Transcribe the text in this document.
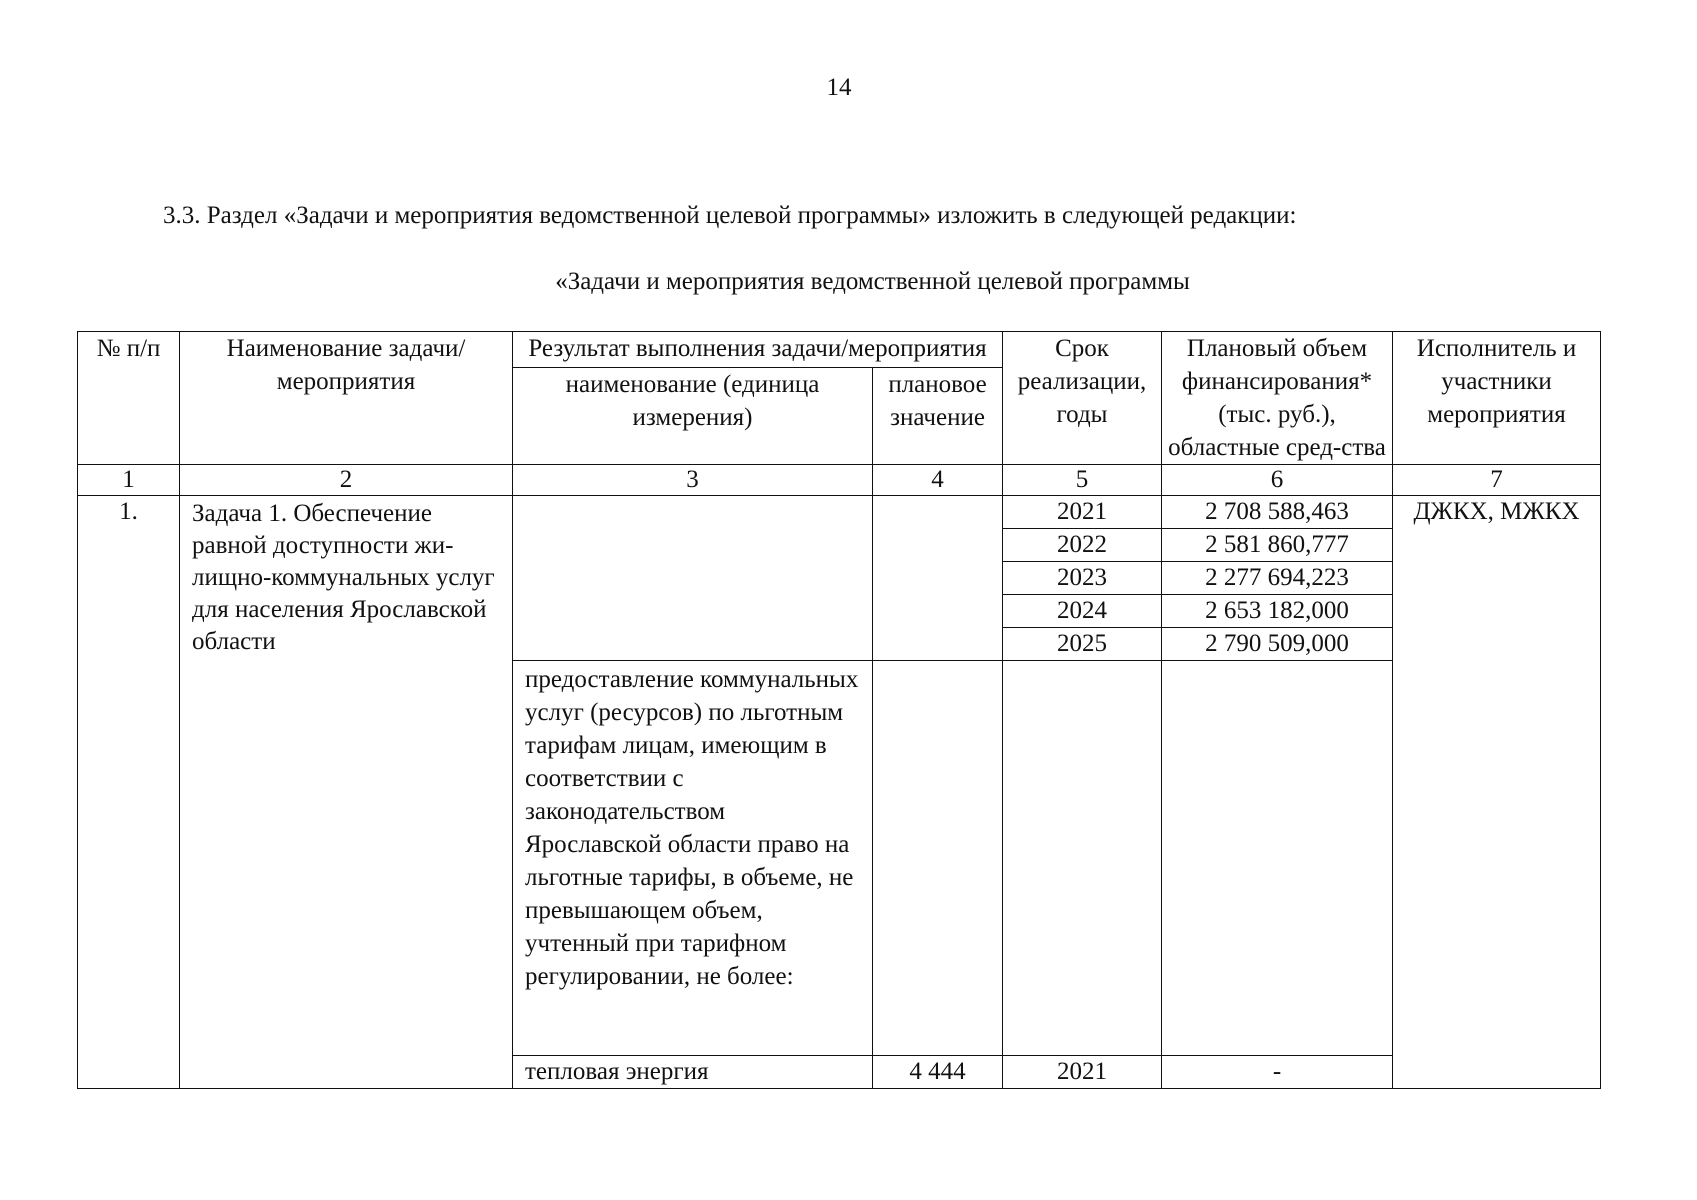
14
3.3. Раздел «Задачи и мероприятия ведомственной целевой программы» изложить в следующей редакции:
«Задачи и мероприятия ведомственной целевой программы
№ п/п	Наименование задачи/мероприятия	Результат выполнения задачи/мероприятия		Срок реализации, годы	Плановый объем финансирования* (тыс. руб.), областные сред-ства	Исполнитель и участники мероприятия
		наименование (единица измерения)	плановое значение			
1	2	3	4	5	6	7
1.	Задача 1. Обеспечение равной доступности жи-лищно-коммунальных услуг для населения Ярославской области			2021	2 708 588,463	ДЖКХ, МЖКХ
				2022	2 581 860,777	
				2023	2 277 694,223	
				2024	2 653 182,000	
				2025	2 790 509,000	
		предоставление коммунальных услуг (ресурсов) по льготным тарифам лицам, имеющим в соответствии с законодательством Ярославской области право на льготные тарифы, в объеме, не превышающем объем, учтенный при тарифном регулировании, не более:				
		тепловая энергия	4 444	2021	-	
